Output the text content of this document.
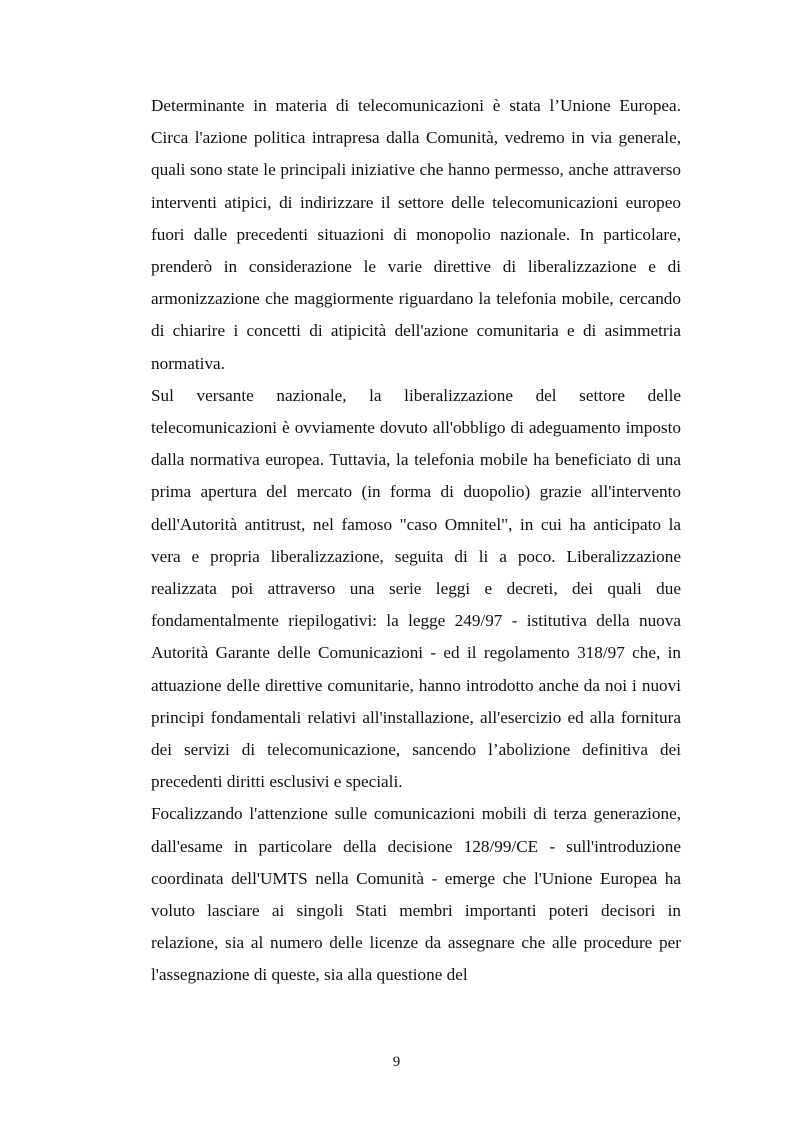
Determinante in materia di telecomunicazioni è stata l’Unione Europea. Circa l'azione politica intrapresa dalla Comunità, vedremo in via generale, quali sono state le principali iniziative che hanno permesso, anche attraverso interventi atipici, di indirizzare il settore delle telecomunicazioni europeo fuori dalle precedenti situazioni di monopolio nazionale. In particolare, prenderò in considerazione le varie direttive di liberalizzazione e di armonizzazione che maggiormente riguardano la telefonia mobile, cercando di chiarire i concetti di atipicità dell'azione comunitaria e di asimmetria normativa.

Sul versante nazionale, la liberalizzazione del settore delle telecomunicazioni è ovviamente dovuto all'obbligo di adeguamento imposto dalla normativa europea. Tuttavia, la telefonia mobile ha beneficiato di una prima apertura del mercato (in forma di duopolio) grazie all'intervento dell'Autorità antitrust, nel famoso "caso Omnitel", in cui ha anticipato la vera e propria liberalizzazione, seguita di li a poco. Liberalizzazione realizzata poi attraverso una serie leggi e decreti, dei quali due fondamentalmente riepilogativi: la legge 249/97 - istitutiva della nuova Autorità Garante delle Comunicazioni - ed il regolamento 318/97 che, in attuazione delle direttive comunitarie, hanno introdotto anche da noi i nuovi principi fondamentali relativi all'installazione, all'esercizio ed alla fornitura dei servizi di telecomunicazione, sancendo l’abolizione definitiva dei precedenti diritti esclusivi e speciali.

Focalizzando l'attenzione sulle comunicazioni mobili di terza generazione, dall'esame in particolare della decisione 128/99/CE - sull'introduzione coordinata dell'UMTS nella Comunità - emerge che l'Unione Europea ha voluto lasciare ai singoli Stati membri importanti poteri decisori in relazione, sia al numero delle licenze da assegnare che alle procedure per l'assegnazione di queste, sia alla questione del

9
